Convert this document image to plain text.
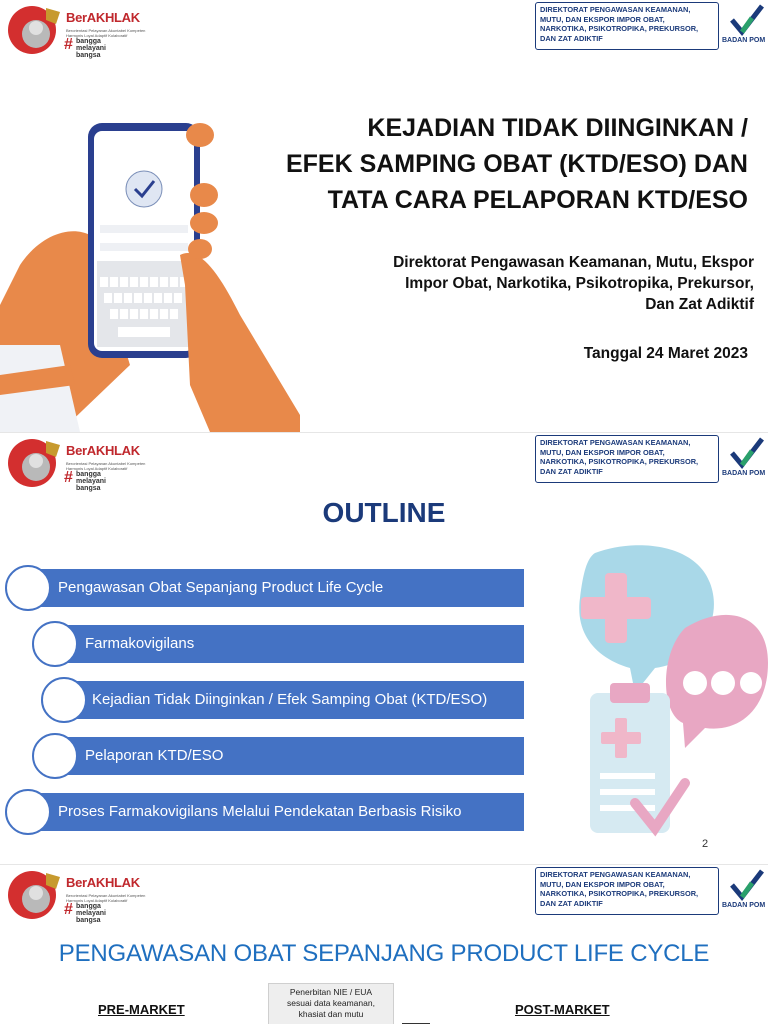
BerAKHLAK
Berorientasi Pelayanan Akuntabel Kompeten Harmonis Loyal Adaptif Kolaboratif
# bangga
melayani
bangsa
DIREKTORAT PENGAWASAN KEAMANAN,
MUTU, DAN EKSPOR IMPOR OBAT,
NARKOTIKA, PSIKOTROPIKA, PREKURSOR,
DAN ZAT ADIKTIF	BADAN POM
KEJADIAN TIDAK DIINGINKAN /
EFEK SAMPING OBAT (KTD/ESO) DAN
TATA CARA PELAPORAN KTD/ESO
Direktorat Pengawasan Keamanan, Mutu, Ekspor
Impor Obat, Narkotika, Psikotropika, Prekursor,
Dan Zat Adiktif
Tanggal 24 Maret 2023
BerAKHLAK
Berorientasi Pelayanan Akuntabel Kompeten Harmonis Loyal Adaptif Kolaboratif
# bangga
melayani
bangsa
DIREKTORAT PENGAWASAN KEAMANAN,
MUTU, DAN EKSPOR IMPOR OBAT,
NARKOTIKA, PSIKOTROPIKA, PREKURSOR,
DAN ZAT ADIKTIF	BADAN POM
OUTLINE
Pengawasan Obat Sepanjang Product Life Cycle
Farmakovigilans
Kejadian Tidak Diinginkan / Efek Samping Obat (KTD/ESO)
Pelaporan KTD/ESO
Proses Farmakovigilans Melalui Pendekatan Berbasis Risiko
2
BerAKHLAK
Berorientasi Pelayanan Akuntabel Kompeten Harmonis Loyal Adaptif Kolaboratif
# bangga
melayani
bangsa
DIREKTORAT PENGAWASAN KEAMANAN,
MUTU, DAN EKSPOR IMPOR OBAT,
NARKOTIKA, PSIKOTROPIKA, PREKURSOR,
DAN ZAT ADIKTIF	BADAN POM
PENGAWASAN OBAT SEPANJANG PRODUCT LIFE CYCLE
PRE-MARKET
Penerbitan NIE / EUA
sesuai data keamanan,
khasiat dan mutu	POST-MARKET
